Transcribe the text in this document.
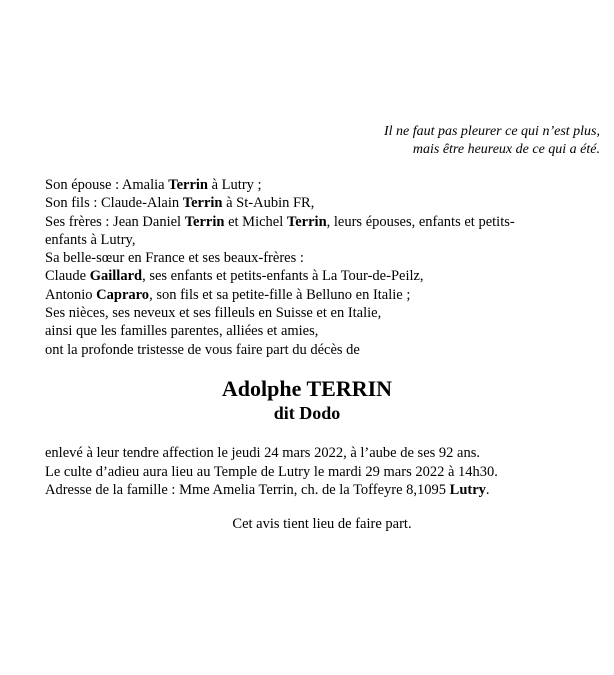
Il ne faut pas pleurer ce qui n’est plus,
mais être heureux de ce qui a été.
Son épouse : Amalia Terrin à Lutry ;
Son fils : Claude-Alain Terrin à St-Aubin FR,
Ses frères : Jean Daniel Terrin et Michel Terrin, leurs épouses, enfants et petits-
enfants à Lutry,
Sa belle-sœur en France et ses beaux-frères :
Claude Gaillard, ses enfants et petits-enfants à La Tour-de-Peilz,
Antonio Capraro, son fils et sa petite-fille à Belluno en Italie ;
Ses nièces, ses neveux et ses filleuls en Suisse et en Italie,
ainsi que les familles parentes, alliées et amies,
ont la profonde tristesse de vous faire part du décès de
Adolphe TERRIN
dit Dodo
enlevé à leur tendre affection le jeudi 24 mars 2022, à l’aube de ses 92 ans.
Le culte d’adieu aura lieu au Temple de Lutry le mardi 29 mars 2022 à 14h30.
Adresse de la famille : Mme Amelia Terrin, ch. de la Toffeyre 8,1095 Lutry.
Cet avis tient lieu de faire part.
